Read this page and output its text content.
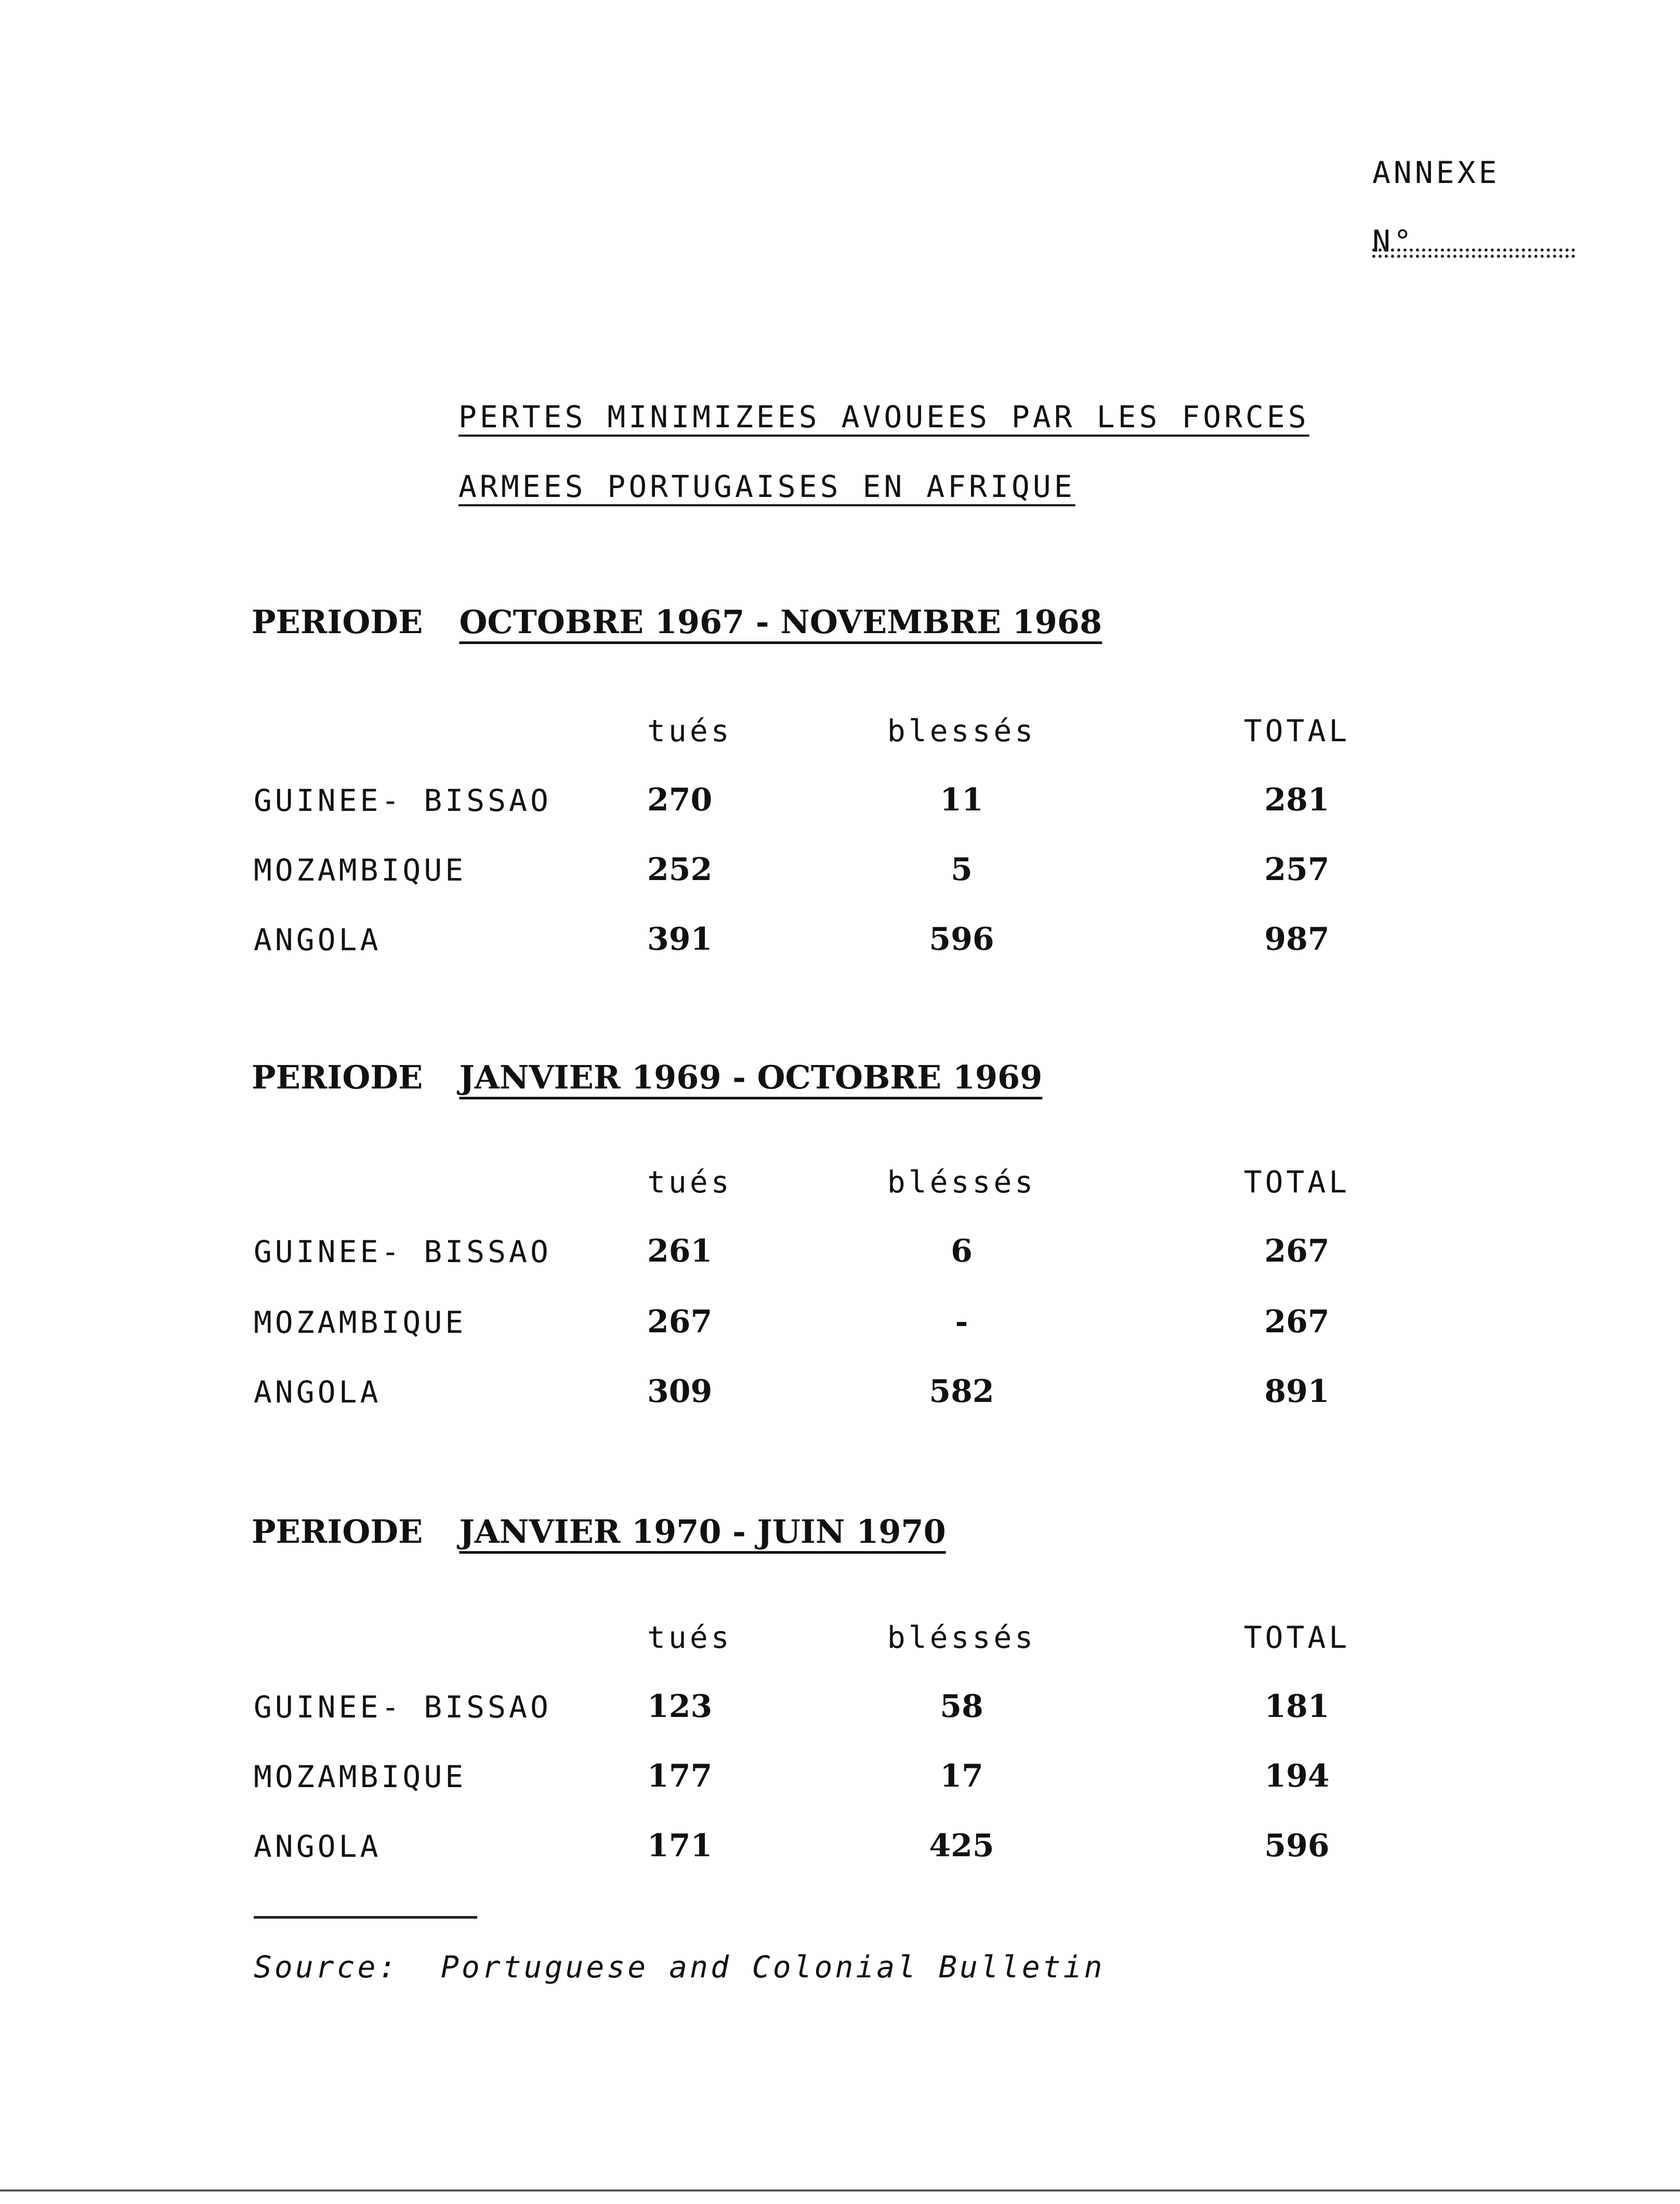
ANNEXE
N°
PERTES MINIMIZEES AVOUEES PAR LES FORCES
ARMEES PORTUGAISES EN AFRIQUE
PERIODE OCTOBRE 1967 - NOVEMBRE 1968
tués	blessés	TOTAL
GUINEE- BISSAO	270	11	281
MOZAMBIQUE	252	5	257
ANGOLA	391	596	987
PERIODE JANVIER 1969 - OCTOBRE 1969
tués	bléssés	TOTAL
GUINEE- BISSAO	261	6	267
MOZAMBIQUE	267	-	267
ANGOLA	309	582	891
PERIODE JANVIER 1970 - JUIN 1970
tués	bléssés	TOTAL
GUINEE- BISSAO	123	58	181
MOZAMBIQUE	177	17	194
ANGOLA	171	425	596
Source: Portuguese and Colonial Bulletin
